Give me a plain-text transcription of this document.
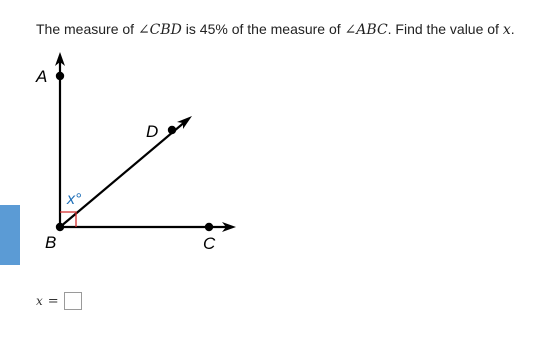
The measure of ∠CBD is 45% of the measure of ∠ABC. Find the value of x.
A
B	C
D
x°
x =
